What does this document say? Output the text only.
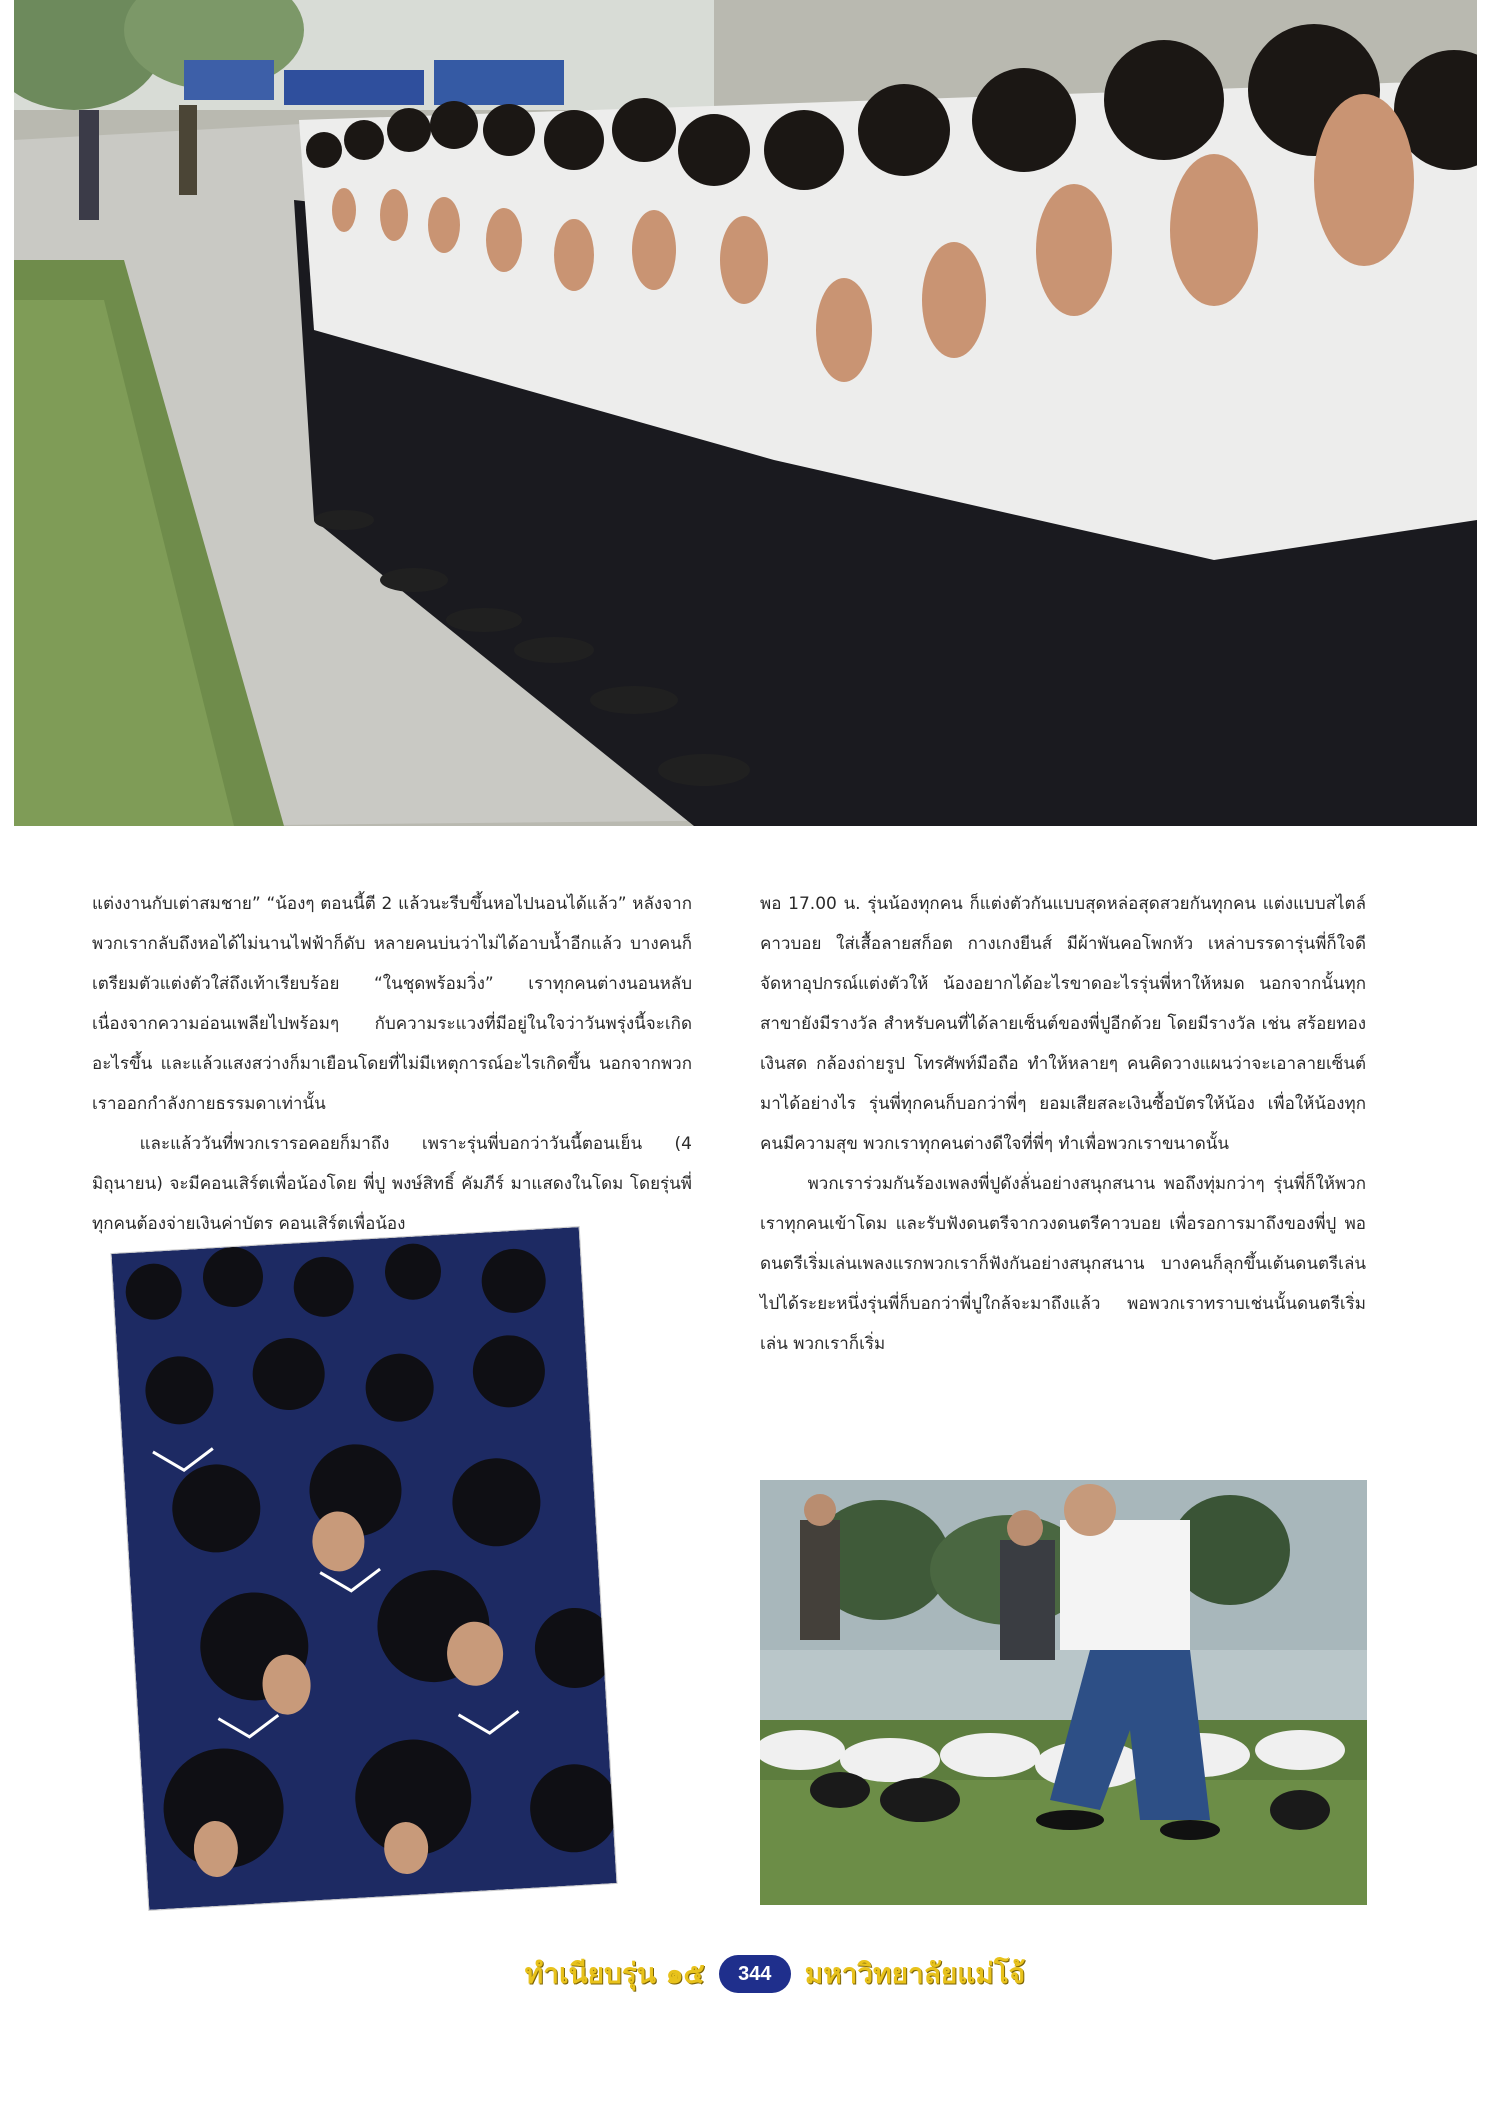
แต่งงานกับเต่าสมชาย” “น้องๆ ตอนนี้ตี 2 แล้วนะรีบขึ้นหอไปนอนได้แล้ว” หลังจากพวกเรากลับถึงหอได้ไม่นานไฟฟ้าก็ดับ หลายคนบ่นว่าไม่ได้อาบน้ำอีกแล้ว บางคนก็เตรียมตัวแต่งตัวใส่ถึงเท้าเรียบร้อย “ในชุดพร้อมวิ่ง” เราทุกคนต่างนอนหลับ เนื่องจากความอ่อนเพลียไปพร้อมๆ กับความระแวงที่มีอยู่ในใจว่าวันพรุ่งนี้จะเกิดอะไรขึ้น และแล้วแสงสว่างก็มาเยือนโดยที่ไม่มีเหตุการณ์อะไรเกิดขึ้น นอกจากพวกเราออกกำลังกายธรรมดาเท่านั้น

และแล้ววันที่พวกเรารอคอยก็มาถึง เพราะรุ่นพี่บอกว่าวันนี้ตอนเย็น (4 มิถุนายน) จะมีคอนเสิร์ตเพื่อน้องโดย พี่ปู พงษ์สิทธิ์ คัมภีร์ มาแสดงในโดม โดยรุ่นพี่ทุกคนต้องจ่ายเงินค่าบัตร คอนเสิร์ตเพื่อน้อง

พอ 17.00 น. รุ่นน้องทุกคน ก็แต่งตัวกันแบบสุดหล่อสุดสวยกันทุกคน แต่งแบบสไตล์คาวบอย ใส่เสื้อลายสก็อต กางเกงยีนส์ มีผ้าพันคอโพกหัว เหล่าบรรดารุ่นพี่ก็ใจดีจัดหาอุปกรณ์แต่งตัวให้ น้องอยากได้อะไรขาดอะไรรุ่นพี่หาให้หมด นอกจากนั้นทุกสาขายังมีรางวัล สำหรับคนที่ได้ลายเซ็นต์ของพี่ปูอีกด้วย โดยมีรางวัล เช่น สร้อยทอง เงินสด กล้องถ่ายรูป โทรศัพท์มือถือ ทำให้หลายๆ คนคิดวางแผนว่าจะเอาลายเซ็นต์มาได้อย่างไร รุ่นพี่ทุกคนก็บอกว่าพี่ๆ ยอมเสียสละเงินซื้อบัตรให้น้อง เพื่อให้น้องทุกคนมีความสุข พวกเราทุกคนต่างดีใจที่พี่ๆ ทำเพื่อพวกเราขนาดนั้น

พวกเราร่วมกันร้องเพลงพี่ปูดังลั่นอย่างสนุกสนาน พอถึงทุ่มกว่าๆ รุ่นพี่ก็ให้พวกเราทุกคนเข้าโดม และรับฟังดนตรีจากวงดนตรีคาวบอย เพื่อรอการมาถึงของพี่ปู พอดนตรีเริ่มเล่นเพลงแรกพวกเราก็ฟังกันอย่างสนุกสนาน บางคนก็ลุกขึ้นเต้นดนตรีเล่นไปได้ระยะหนึ่งรุ่นพี่ก็บอกว่าพี่ปูใกล้จะมาถึงแล้ว พอพวกเราทราบเช่นนั้นดนตรีเริ่มเล่น พวกเราก็เริ่ม

ทำเนียบรุ่น ๑๕	344	มหาวิทยาลัยแม่โจ้
